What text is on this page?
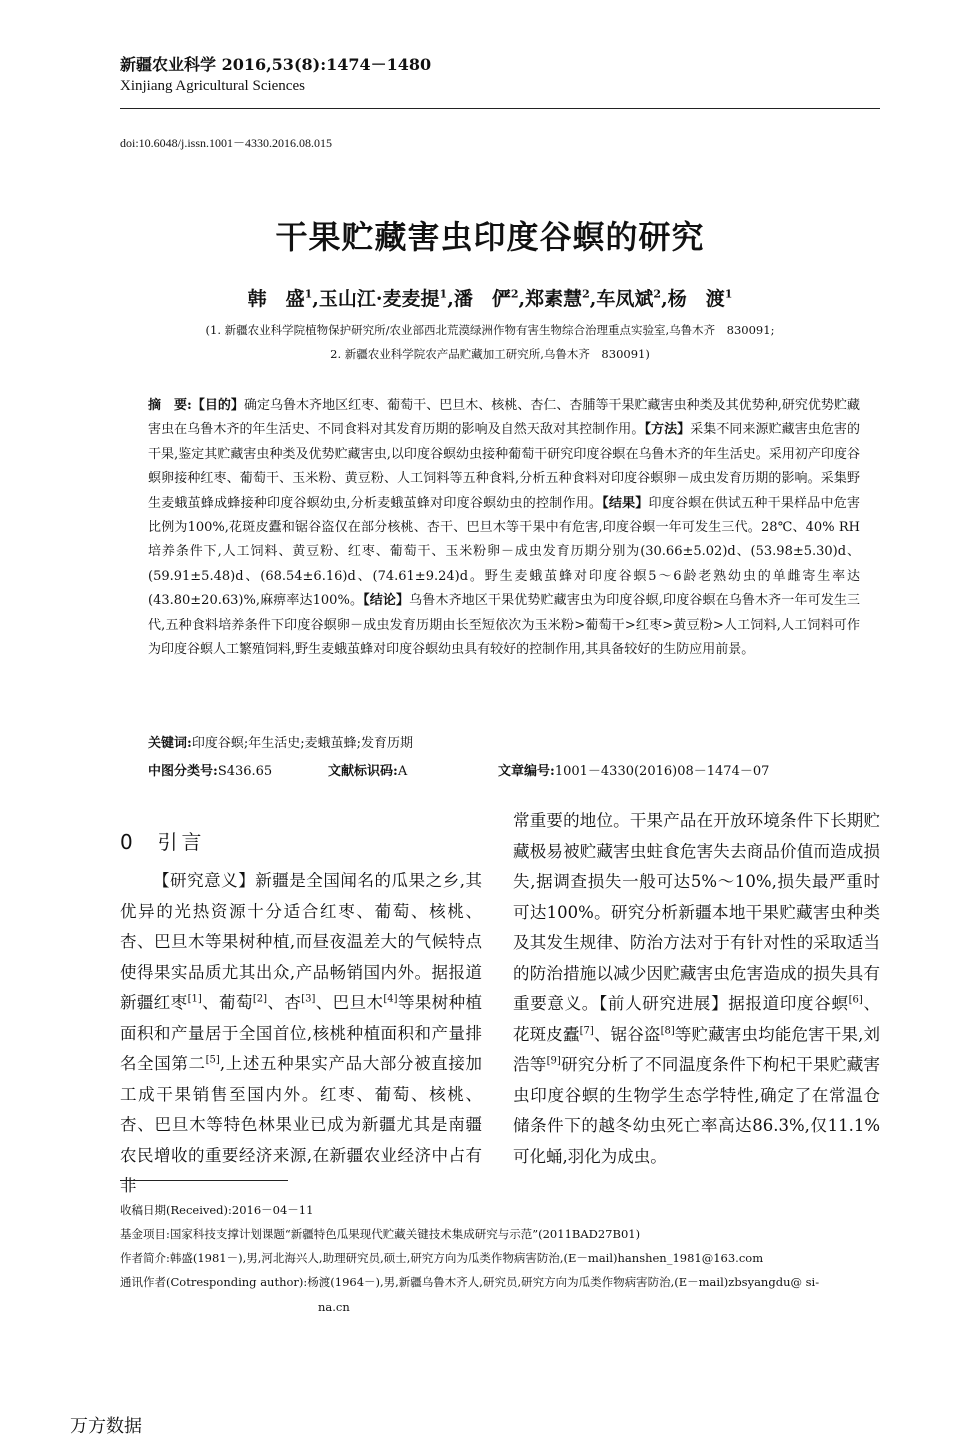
新疆农业科学 2016,53(8):1474－1480
Xinjiang Agricultural Sciences
doi:10.6048/j.issn.1001－4330.2016.08.015
干果贮藏害虫印度谷螟的研究
韩　盛$^1$,玉山江·麦麦提$^1$,潘　俨$^2$,郑素慧$^2$,车凤斌$^2$,杨　渡$^1$
(1. 新疆农业科学院植物保护研究所/农业部西北荒漠绿洲作物有害生物综合治理重点实验室,乌鲁木齐　830091;
2. 新疆农业科学院农产品贮藏加工研究所,乌鲁木齐　830091)
摘　要:【目的】确定乌鲁木齐地区红枣、葡萄干、巴旦木、核桃、杏仁、杏脯等干果贮藏害虫种类及其优势种,研究优势贮藏害虫在乌鲁木齐的年生活史、不同食料对其发育历期的影响及自然天敌对其控制作用。【方法】采集不同来源贮藏害虫危害的干果,鉴定其贮藏害虫种类及优势贮藏害虫,以印度谷螟幼虫接种葡萄干研究印度谷螟在乌鲁木齐的年生活史。采用初产印度谷螟卵接种红枣、葡萄干、玉米粉、黄豆粉、人工饲料等五种食料,分析五种食料对印度谷螟卵－成虫发育历期的影响。采集野生麦蛾茧蜂成蜂接种印度谷螟幼虫,分析麦蛾茧蜂对印度谷螟幼虫的控制作用。【结果】印度谷螟在供试五种干果样品中危害比例为100%,花斑皮蠹和锯谷盗仅在部分核桃、杏干、巴旦木等干果中有危害,印度谷螟一年可发生三代。28℃、40% RH 培养条件下,人工饲料、黄豆粉、红枣、葡萄干、玉米粉卵－成虫发育历期分别为(30.66±5.02)d、(53.98±5.30)d、(59.91±5.48)d、(68.54±6.16)d、(74.61±9.24)d。野生麦蛾茧蜂对印度谷螟5～6龄老熟幼虫的单雌寄生率达(43.80±20.63)%,麻痹率达100%。【结论】乌鲁木齐地区干果优势贮藏害虫为印度谷螟,印度谷螟在乌鲁木齐一年可发生三代,五种食料培养条件下印度谷螟卵－成虫发育历期由长至短依次为玉米粉>葡萄干>红枣>黄豆粉>人工饲料,人工饲料可作为印度谷螟人工繁殖饲料,野生麦蛾茧蜂对印度谷螟幼虫具有较好的控制作用,其具备较好的生防应用前景。
关键词:印度谷螟;年生活史;麦蛾茧蜂;发育历期
中图分类号:S436.65	文献标识码:A	文章编号:1001－4330(2016)08－1474－07
0 引言
【研究意义】新疆是全国闻名的瓜果之乡,其优异的光热资源十分适合红枣、葡萄、核桃、杏、巴旦木等果树种植,而昼夜温差大的气候特点使得果实品质尤其出众,产品畅销国内外。据报道新疆红枣[1]、葡萄[2]、杏[3]、巴旦木[4]等果树种植面积和产量居于全国首位,核桃种植面积和产量排名全国第二[5],上述五种果实产品大部分被直接加工成干果销售至国内外。红枣、葡萄、核桃、杏、巴旦木等特色林果业已成为新疆尤其是南疆农民增收的重要经济来源,在新疆农业经济中占有非
常重要的地位。干果产品在开放环境条件下长期贮藏极易被贮藏害虫蛀食危害失去商品价值而造成损失,据调查损失一般可达5%～10%,损失最严重时可达100%。研究分析新疆本地干果贮藏害虫种类及其发生规律、防治方法对于有针对性的采取适当的防治措施以减少因贮藏害虫危害造成的损失具有重要意义。【前人研究进展】据报道印度谷螟[6]、花斑皮蠹[7]、锯谷盗[8]等贮藏害虫均能危害干果,刘浩等[9]研究分析了不同温度条件下枸杞干果贮藏害虫印度谷螟的生物学生态学特性,确定了在常温仓储条件下的越冬幼虫死亡率高达86.3%,仅11.1%可化蛹,羽化为成虫。
收稿日期(Received):2016－04－11
基金项目:国家科技支撑计划课题“新疆特色瓜果现代贮藏关键技术集成研究与示范”(2011BAD27B01)
作者简介:韩盛(1981－),男,河北海兴人,助理研究员,硕士,研究方向为瓜类作物病害防治,(E－mail)hanshen_1981@163.com
通讯作者(Cotresponding author):杨渡(1964－),男,新疆乌鲁木齐人,研究员,研究方向为瓜类作物病害防治,(E－mail)zbsyangdu@ si-
na.cn
万方数据
